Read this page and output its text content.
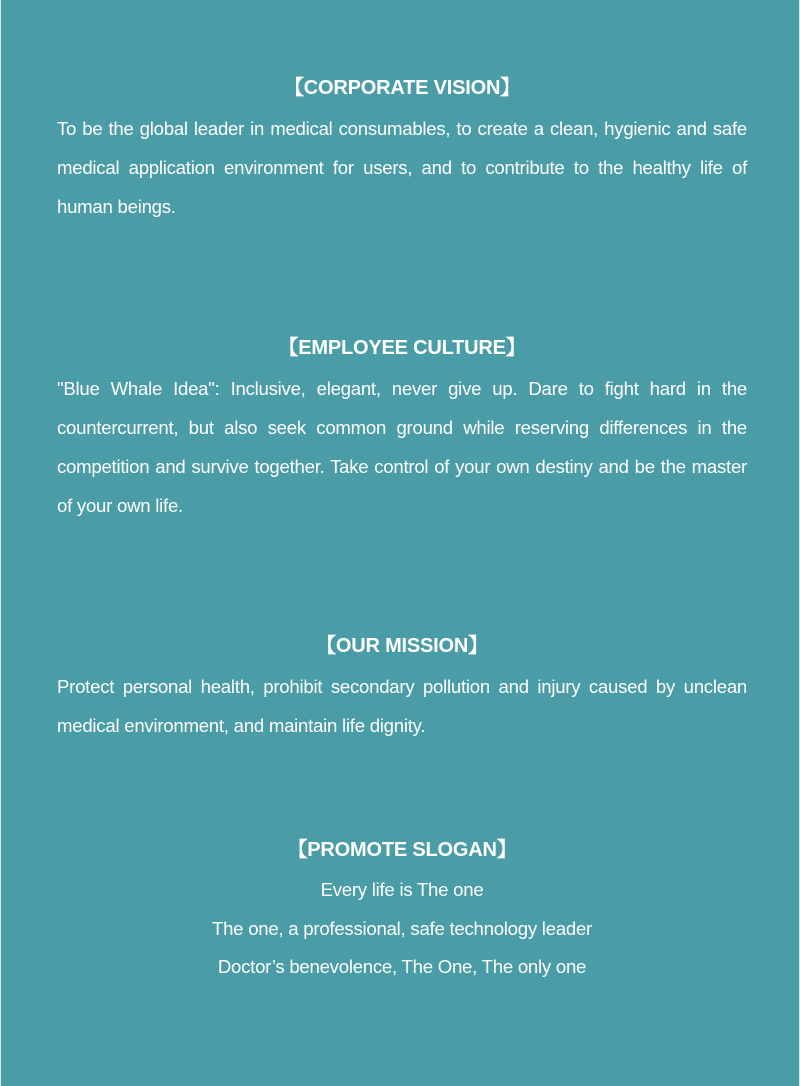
【CORPORATE VISION】

To be the global leader in medical consumables, to create a clean, hygienic and safe medical application environment for users, and to contribute to the healthy life of human beings.

【EMPLOYEE CULTURE】

"Blue Whale Idea": Inclusive, elegant, never give up. Dare to fight hard in the countercurrent, but also seek common ground while reserving differences in the competition and survive together. Take control of your own destiny and be the master of your own life.

【OUR MISSION】

Protect personal health, prohibit secondary pollution and injury caused by unclean medical environment, and maintain life dignity.

【PROMOTE SLOGAN】

Every life is The one
The one, a professional, safe technology leader
Doctor’s benevolence, The One, The only one
